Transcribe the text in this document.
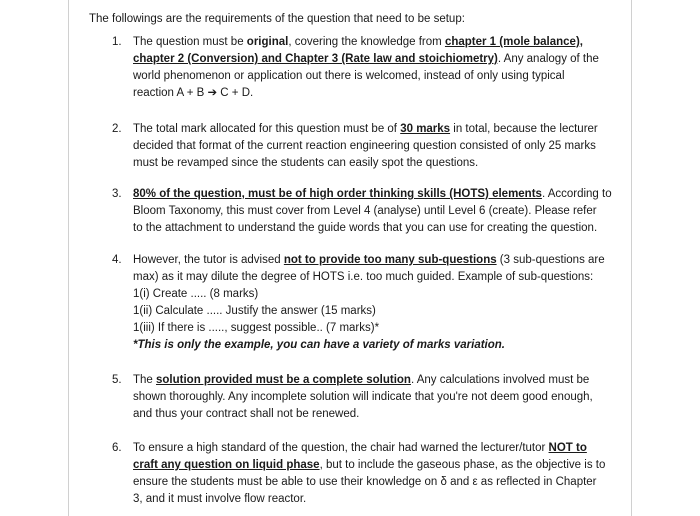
The followings are the requirements of the question that need to be setup:
1. The question must be original, covering the knowledge from chapter 1 (mole balance),
chapter 2 (Conversion) and Chapter 3 (Rate law and stoichiometry). Any analogy of the
world phenomenon or application out there is welcomed, instead of only using typical
reaction A + B ➔ C + D.
2. The total mark allocated for this question must be of 30 marks in total, because the lecturer
decided that format of the current reaction engineering question consisted of only 25 marks
must be revamped since the students can easily spot the questions.
3. 80% of the question, must be of high order thinking skills (HOTS) elements. According to
Bloom Taxonomy, this must cover from Level 4 (analyse) until Level 6 (create). Please refer
to the attachment to understand the guide words that you can use for creating the question.
4. However, the tutor is advised not to provide too many sub-questions (3 sub-questions are
max) as it may dilute the degree of HOTS i.e. too much guided. Example of sub-questions:
1(i) Create ..... (8 marks)
1(ii) Calculate ..... Justify the answer (15 marks)
1(iii) If there is ....., suggest possible.. (7 marks)*
*This is only the example, you can have a variety of marks variation.
5. The solution provided must be a complete solution. Any calculations involved must be
shown thoroughly. Any incomplete solution will indicate that you're not deem good enough,
and thus your contract shall not be renewed.
6. To ensure a high standard of the question, the chair had warned the lecturer/tutor NOT to
craft any question on liquid phase, but to include the gaseous phase, as the objective is to
ensure the students must be able to use their knowledge on δ and ε as reflected in Chapter
3, and it must involve flow reactor.
